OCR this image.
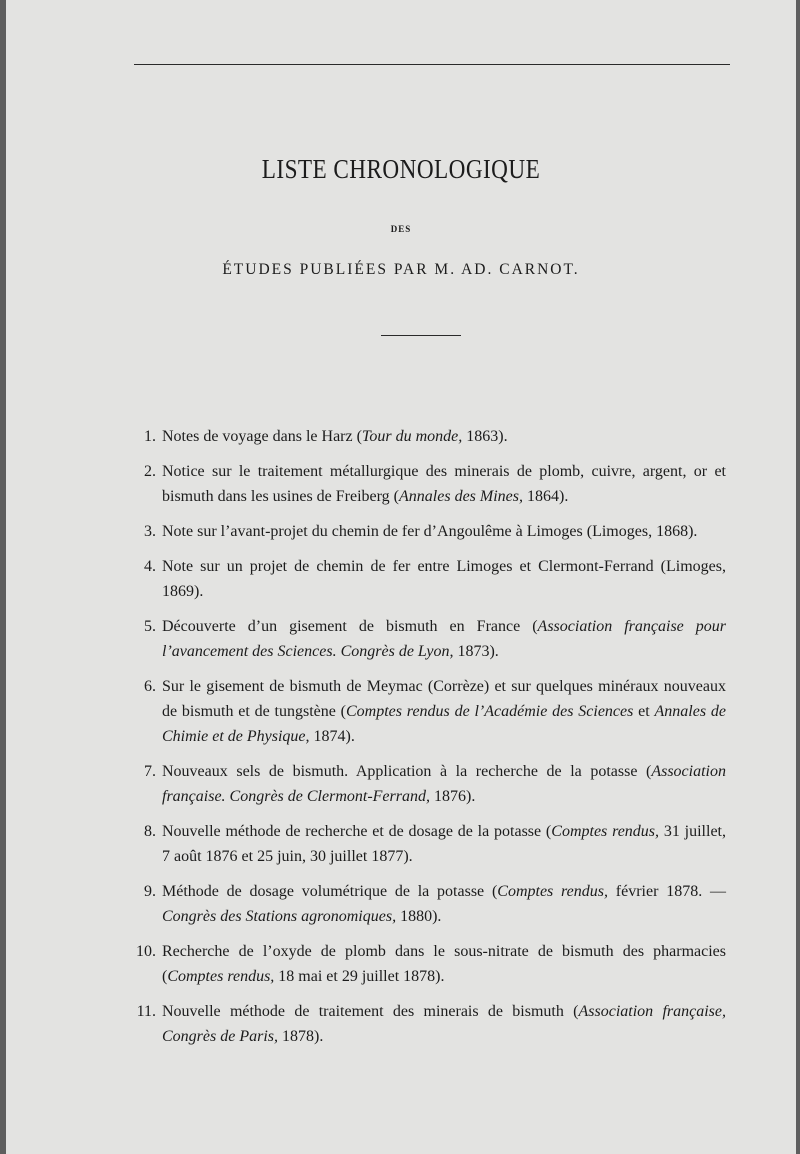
LISTE CHRONOLOGIQUE
DES
ÉTUDES PUBLIÉES PAR M. AD. CARNOT.
1. Notes de voyage dans le Harz (Tour du monde, 1863).
2. Notice sur le traitement métallurgique des minerais de plomb, cuivre, argent, or et bismuth dans les usines de Freiberg (Annales des Mines, 1864).
3. Note sur l’avant-projet du chemin de fer d’Angoulême à Limoges (Limoges, 1868).
4. Note sur un projet de chemin de fer entre Limoges et Clermont-Ferrand (Limoges, 1869).
5. Découverte d’un gisement de bismuth en France (Association française pour l’avancement des Sciences. Congrès de Lyon, 1873).
6. Sur le gisement de bismuth de Meymac (Corrèze) et sur quelques minéraux nouveaux de bismuth et de tungstène (Comptes rendus de l’Académie des Sciences et Annales de Chimie et de Physique, 1874).
7. Nouveaux sels de bismuth. Application à la recherche de la potasse (Association française. Congrès de Clermont-Ferrand, 1876).
8. Nouvelle méthode de recherche et de dosage de la potasse (Comptes rendus, 31 juillet, 7 août 1876 et 25 juin, 30 juillet 1877).
9. Méthode de dosage volumétrique de la potasse (Comptes rendus, février 1878. — Congrès des Stations agronomiques, 1880).
10. Recherche de l’oxyde de plomb dans le sous-nitrate de bismuth des pharmacies (Comptes rendus, 18 mai et 29 juillet 1878).
11. Nouvelle méthode de traitement des minerais de bismuth (Association française, Congrès de Paris, 1878).
